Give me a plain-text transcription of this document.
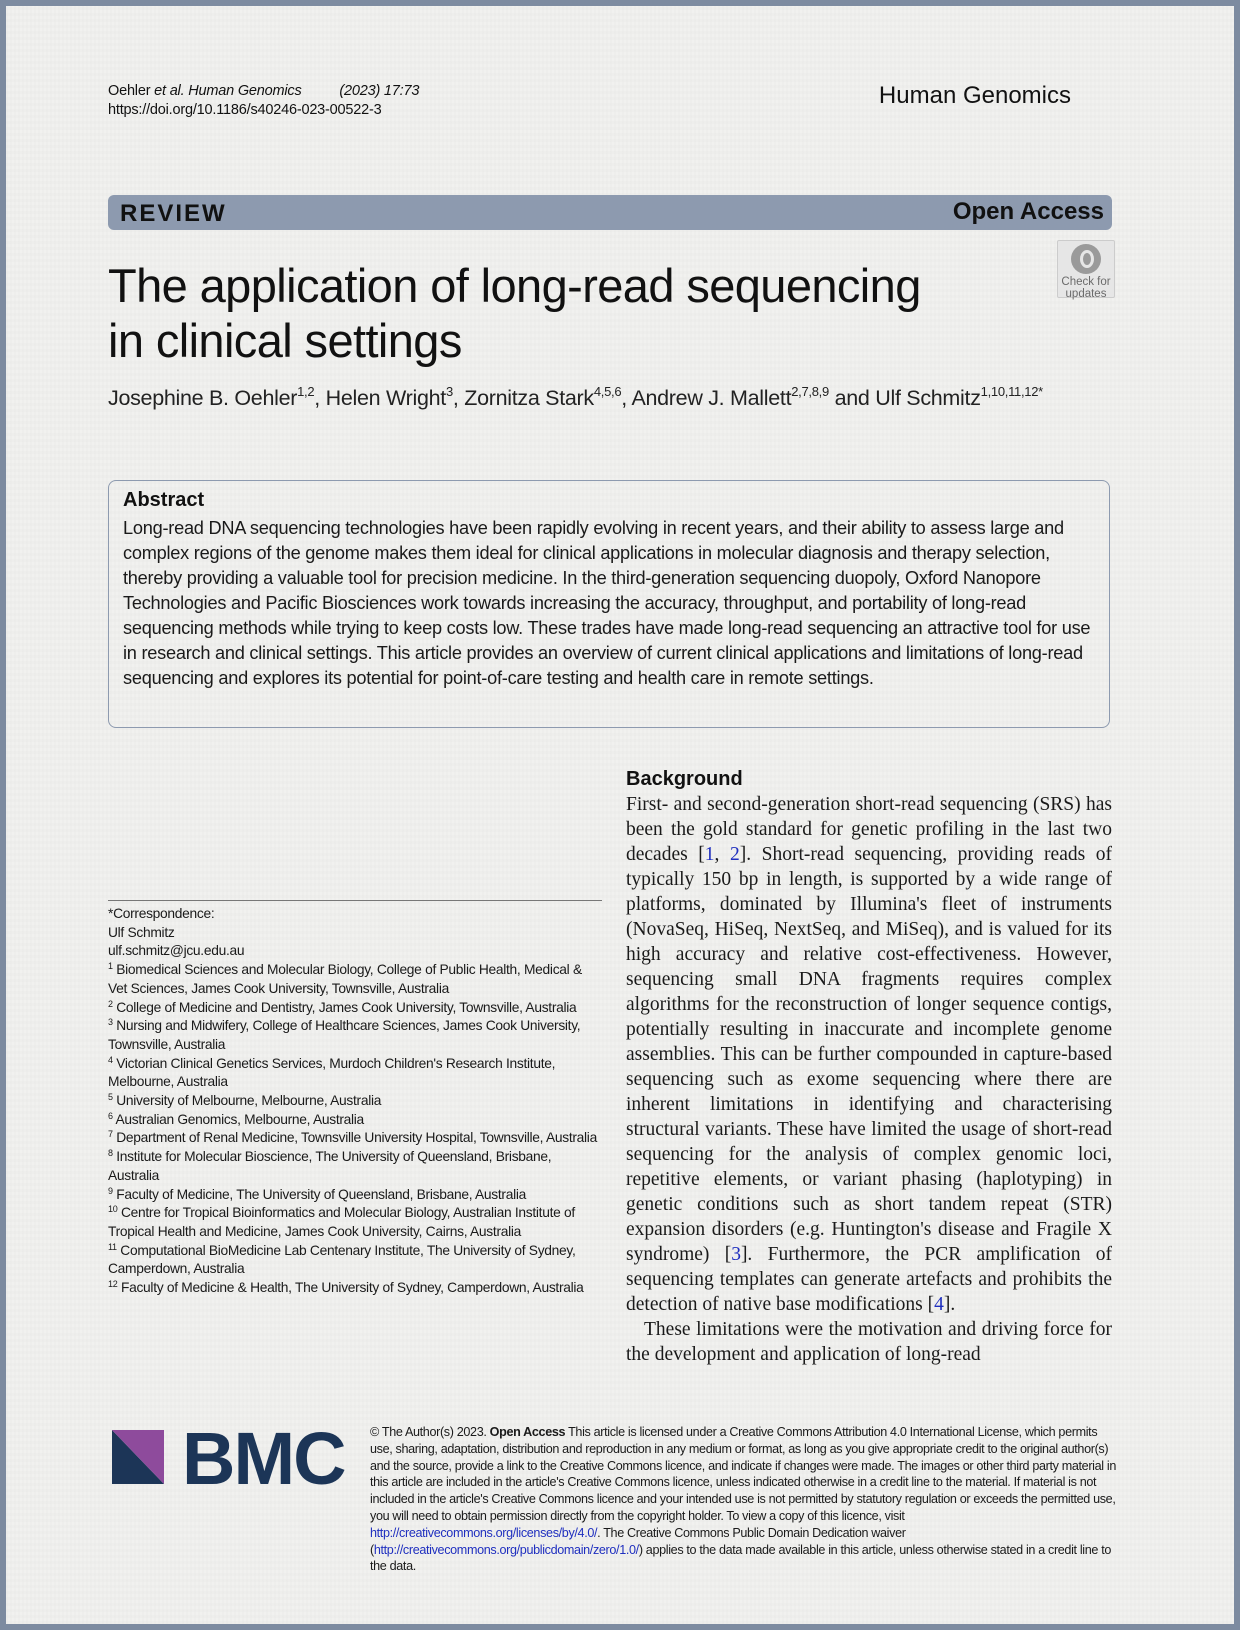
Oehler et al. Human Genomics	(2023) 17:73
https://doi.org/10.1186/s40246-023-00522-3
Human Genomics
REVIEW	Open Access
Check for
updates
The application of long-read sequencing
in clinical settings
Josephine B. Oehler$^{1,2}$, Helen Wright$^3$, Zornitza Stark$^{4,5,6}$, Andrew J. Mallett$^{2,7,8,9}$ and Ulf Schmitz$^{1,10,11,12*}$
Abstract

Long-read DNA sequencing technologies have been rapidly evolving in recent years, and their ability to assess large and complex regions of the genome makes them ideal for clinical applications in molecular diagnosis and therapy selection, thereby providing a valuable tool for precision medicine. In the third-generation sequencing duopoly, Oxford Nanopore Technologies and Pacific Biosciences work towards increasing the accuracy, throughput, and portability of long-read sequencing methods while trying to keep costs low. These trades have made long-read sequencing an attractive tool for use in research and clinical settings. This article provides an overview of current clinical applications and limitations of long-read sequencing and explores its potential for point-of-care testing and health care in remote settings.

*Correspondence:

Ulf Schmitz

ulf.schmitz@jcu.edu.au

$^1$ Biomedical Sciences and Molecular Biology, College of Public Health, Medical & Vet Sciences, James Cook University, Townsville, Australia

$^2$ College of Medicine and Dentistry, James Cook University, Townsville, Australia

$^3$ Nursing and Midwifery, College of Healthcare Sciences, James Cook University, Townsville, Australia

$^4$ Victorian Clinical Genetics Services, Murdoch Children's Research Institute, Melbourne, Australia

$^5$ University of Melbourne, Melbourne, Australia

$^6$ Australian Genomics, Melbourne, Australia

$^7$ Department of Renal Medicine, Townsville University Hospital, Townsville, Australia

$^8$ Institute for Molecular Bioscience, The University of Queensland, Brisbane, Australia

$^9$ Faculty of Medicine, The University of Queensland, Brisbane, Australia

$^{10}$ Centre for Tropical Bioinformatics and Molecular Biology, Australian Institute of Tropical Health and Medicine, James Cook University, Cairns, Australia

$^{11}$ Computational BioMedicine Lab Centenary Institute, The University of Sydney, Camperdown, Australia

$^{12}$ Faculty of Medicine & Health, The University of Sydney, Camperdown, Australia

Background

First- and second-generation short-read sequencing (SRS) has been the gold standard for genetic profiling in the last two decades [1, 2]. Short-read sequencing, providing reads of typically 150 bp in length, is supported by a wide range of platforms, dominated by Illumina's fleet of instruments (NovaSeq, HiSeq, NextSeq, and MiSeq), and is valued for its high accuracy and relative cost-effectiveness. However, sequencing small DNA fragments requires complex algorithms for the reconstruction of longer sequence contigs, potentially resulting in inaccurate and incomplete genome assemblies. This can be further compounded in capture-based sequencing such as exome sequencing where there are inherent limitations in identifying and characterising structural variants. These have limited the usage of short-read sequencing for the analysis of complex genomic loci, repetitive elements, or variant phasing (haplotyping) in genetic conditions such as short tandem repeat (STR) expansion disorders (e.g. Huntington's disease and Fragile X syndrome) [3]. Furthermore, the PCR amplification of sequencing templates can generate artefacts and prohibits the detection of native base modifications [4].

These limitations were the motivation and driving force for the development and application of long-read

BMC © The Author(s) 2023. Open Access This article is licensed under a Creative Commons Attribution 4.0 International License, which permits use, sharing, adaptation, distribution and reproduction in any medium or format, as long as you give appropriate credit to the original author(s) and the source, provide a link to the Creative Commons licence, and indicate if changes were made. The images or other third party material in this article are included in the article's Creative Commons licence, unless indicated otherwise in a credit line to the material. If material is not included in the article's Creative Commons licence and your intended use is not permitted by statutory regulation or exceeds the permitted use, you will need to obtain permission directly from the copyright holder. To view a copy of this licence, visit http://creativecommons.org/licenses/by/4.0/. The Creative Commons Public Domain Dedication waiver (http://creativecommons.org/publicdomain/zero/1.0/) applies to the data made available in this article, unless otherwise stated in a credit line to the data.
